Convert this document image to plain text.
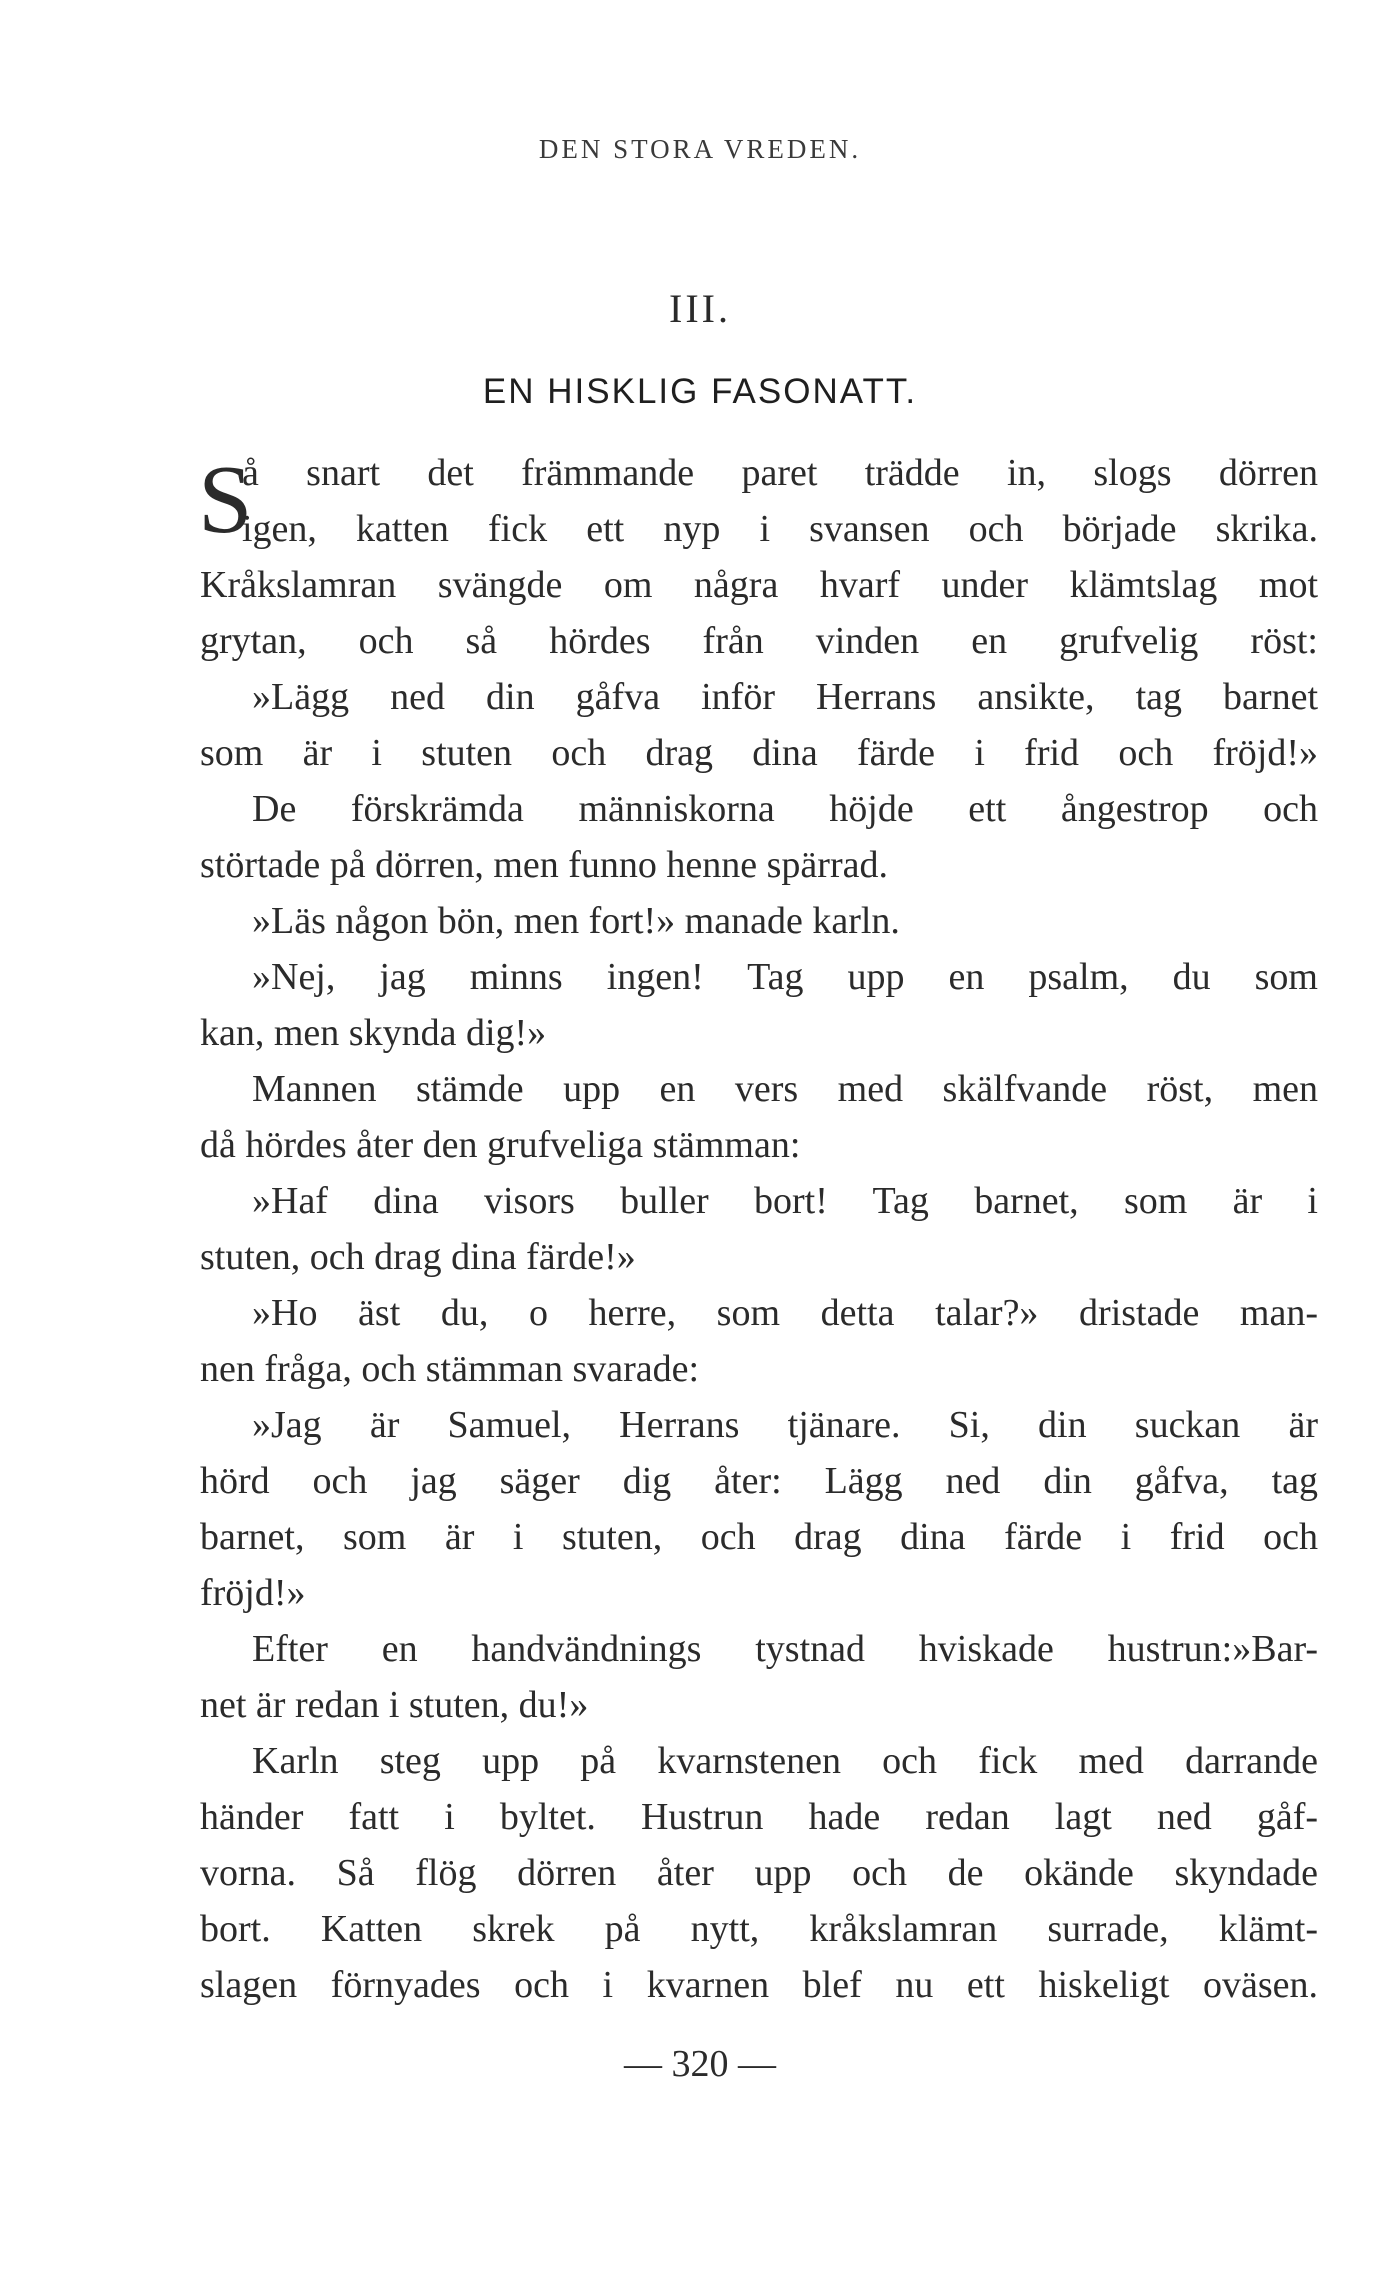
DEN STORA VREDEN.
III.
EN HISKLIG FASONATT.
S
å snart det främmande paret trädde in, slogs dörren
igen, katten fick ett nyp i svansen och började skrika.
Kråkslamran svängde om några hvarf under klämtslag mot
grytan, och så hördes från vinden en grufvelig röst:
»Lägg ned din gåfva inför Herrans ansikte, tag barnet
som är i stuten och drag dina färde i frid och fröjd!»
De förskrämda människorna höjde ett ångestrop och
störtade på dörren, men funno henne spärrad.
»Läs någon bön, men fort!» manade karln.
»Nej, jag minns ingen! Tag upp en psalm, du som
kan, men skynda dig!»
Mannen stämde upp en vers med skälfvande röst, men
då hördes åter den grufveliga stämman:
»Haf dina visors buller bort! Tag barnet, som är i
stuten, och drag dina färde!»
»Ho äst du, o herre, som detta talar?» dristade man-
nen fråga, och stämman svarade:
»Jag är Samuel, Herrans tjänare. Si, din suckan är
hörd och jag säger dig åter: Lägg ned din gåfva, tag
barnet, som är i stuten, och drag dina färde i frid och
fröjd!»
Efter en handvändnings tystnad hviskade hustrun:»Bar-
net är redan i stuten, du!»
Karln steg upp på kvarnstenen och fick med darrande
händer fatt i byltet. Hustrun hade redan lagt ned gåf-
vorna. Så flög dörren åter upp och de okände skyndade
bort. Katten skrek på nytt, kråkslamran surrade, klämt-
slagen förnyades och i kvarnen blef nu ett hiskeligt oväsen.
— 320 —
